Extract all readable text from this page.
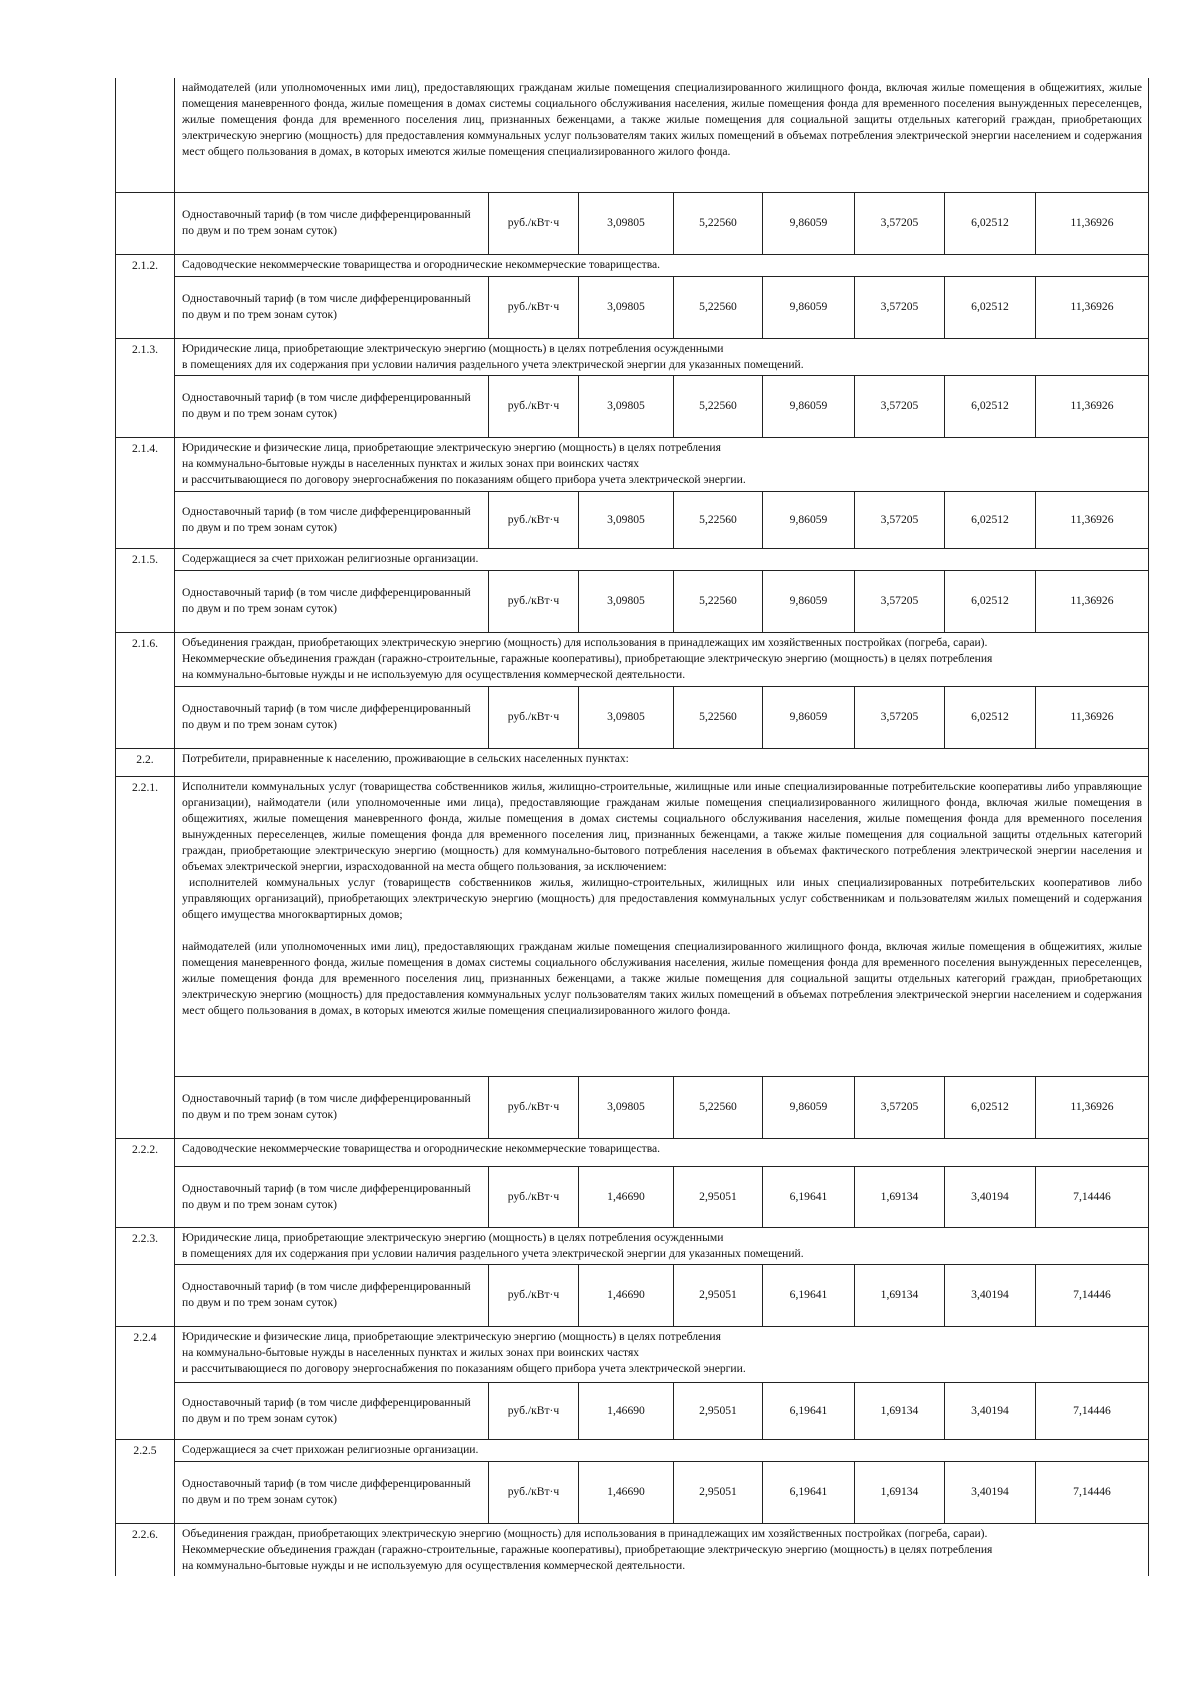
	наймодателей (или уполномоченных ими лиц), предоставляющих гражданам жилые помещения специализированного жилищного фонда, включая жилые помещения в общежитиях, жилые помещения маневренного фонда, жилые помещения в домах системы социального обслуживания населения, жилые помещения фонда для временного поселения вынужденных переселенцев, жилые помещения фонда для временного поселения лиц, признанных беженцами, а также жилые помещения для социальной защиты отдельных категорий граждан, приобретающих электрическую энергию (мощность) для предоставления коммунальных услуг пользователям таких жилых помещений в объемах потребления электрической энергии населением и содержания мест общего пользования в домах, в которых имеются жилые помещения специализированного жилого фонда.							
	Одноставочный тариф (в том числе дифференцированный по двум и по трем зонам суток)	руб./кВт·ч	3,09805	5,22560	9,86059	3,57205	6,02512	11,36926
2.1.2.	Садоводческие некоммерческие товарищества и огороднические некоммерческие товарищества.							
	Одноставочный тариф (в том числе дифференцированный по двум и по трем зонам суток)	руб./кВт·ч	3,09805	5,22560	9,86059	3,57205	6,02512	11,36926
2.1.3.	Юридические лица, приобретающие электрическую энергию (мощность) в целях потребления осужденными
в помещениях для их содержания при условии наличия раздельного учета электрической энергии для указанных помещений.							

	Одноставочный тариф (в том числе дифференцированный по двум и по трем зонам суток)	руб./кВт·ч	3,09805	5,22560	9,86059	3,57205	6,02512	11,36926
2.1.4.	Юридические и физические лица, приобретающие электрическую энергию (мощность) в целях потребления
на коммунально-бытовые нужды в населенных пунктах и жилых зонах при воинских частях
и рассчитывающиеся по договору энергоснабжения по показаниям общего прибора учета электрической энергии.							

	Одноставочный тариф (в том числе дифференцированный по двум и по трем зонам суток)	руб./кВт·ч	3,09805	5,22560	9,86059	3,57205	6,02512	11,36926
2.1.5.	Содержащиеся за счет прихожан религиозные организации.							
	Одноставочный тариф (в том числе дифференцированный по двум и по трем зонам суток)	руб./кВт·ч	3,09805	5,22560	9,86059	3,57205	6,02512	11,36926
2.1.6.	Объединения граждан, приобретающих электрическую энергию (мощность) для использования в принадлежащих им хозяйственных постройках (погреба, сараи).
Некоммерческие объединения граждан (гаражно-строительные, гаражные кооперативы), приобретающие электрическую энергию (мощность) в целях потребления
на коммунально-бытовые нужды и не используемую для осуществления коммерческой деятельности.							

	Одноставочный тариф (в том числе дифференцированный по двум и по трем зонам суток)	руб./кВт·ч	3,09805	5,22560	9,86059	3,57205	6,02512	11,36926
2.2.	Потребители, приравненные к населению, проживающие в сельских населенных пунктах:							
2.2.1.	Исполнители коммунальных услуг (товарищества собственников жилья, жилищно-строительные, жилищные или иные специализированные потребительские кооперативы либо управляющие организации), наймодатели (или уполномоченные ими лица), предоставляющие гражданам жилые помещения специализированного жилищного фонда, включая жилые помещения в общежитиях, жилые помещения маневренного фонда, жилые помещения в домах системы социального обслуживания населения, жилые помещения фонда для временного поселения вынужденных переселенцев, жилые помещения фонда для временного поселения лиц, признанных беженцами, а также жилые помещения для социальной защиты отдельных категорий граждан, приобретающие электрическую энергию (мощность) для коммунально-бытового потребления населения в объемах фактического потребления электрической энергии населения и объемах электрической энергии, израсходованной на места общего пользования, за исключением:
исполнителей коммунальных услуг (товариществ собственников жилья, жилищно-строительных, жилищных или иных специализированных потребительских кооперативов либо управляющих организаций), приобретающих электрическую энергию (мощность) для предоставления коммунальных услуг собственникам и пользователям жилых помещений и содержания общего имущества многоквартирных домов;
наймодателей (или уполномоченных ими лиц), предоставляющих гражданам жилые помещения специализированного жилищного фонда, включая жилые помещения в общежитиях, жилые помещения маневренного фонда, жилые помещения в домах системы социального обслуживания населения, жилые помещения фонда для временного поселения вынужденных переселенцев, жилые помещения фонда для временного поселения лиц, признанных беженцами, а также жилые помещения для социальной защиты отдельных категорий граждан, приобретающих электрическую энергию (мощность) для предоставления коммунальных услуг пользователям таких жилых помещений в объемах потребления электрической энергии населением и содержания мест общего пользования в домах, в которых имеются жилые помещения специализированного жилого фонда.							

	Одноставочный тариф (в том числе дифференцированный по двум и по трем зонам суток)	руб./кВт·ч	3,09805	5,22560	9,86059	3,57205	6,02512	11,36926
2.2.2.	Садоводческие некоммерческие товарищества и огороднические некоммерческие товарищества.							
	Одноставочный тариф (в том числе дифференцированный по двум и по трем зонам суток)	руб./кВт·ч	1,46690	2,95051	6,19641	1,69134	3,40194	7,14446
2.2.3.	Юридические лица, приобретающие электрическую энергию (мощность) в целях потребления осужденными
в помещениях для их содержания при условии наличия раздельного учета электрической энергии для указанных помещений.							

	Одноставочный тариф (в том числе дифференцированный по двум и по трем зонам суток)	руб./кВт·ч	1,46690	2,95051	6,19641	1,69134	3,40194	7,14446
2.2.4	Юридические и физические лица, приобретающие электрическую энергию (мощность) в целях потребления
на коммунально-бытовые нужды в населенных пунктах и жилых зонах при воинских частях
и рассчитывающиеся по договору энергоснабжения по показаниям общего прибора учета электрической энергии.							

	Одноставочный тариф (в том числе дифференцированный по двум и по трем зонам суток)	руб./кВт·ч	1,46690	2,95051	6,19641	1,69134	3,40194	7,14446
2.2.5	Содержащиеся за счет прихожан религиозные организации.							
	Одноставочный тариф (в том числе дифференцированный по двум и по трем зонам суток)	руб./кВт·ч	1,46690	2,95051	6,19641	1,69134	3,40194	7,14446
2.2.6.	Объединения граждан, приобретающих электрическую энергию (мощность) для использования в принадлежащих им хозяйственных постройках (погреба, сараи).
Некоммерческие объединения граждан (гаражно-строительные, гаражные кооперативы), приобретающие электрическую энергию (мощность) в целях потребления
на коммунально-бытовые нужды и не используемую для осуществления коммерческой деятельности.							
